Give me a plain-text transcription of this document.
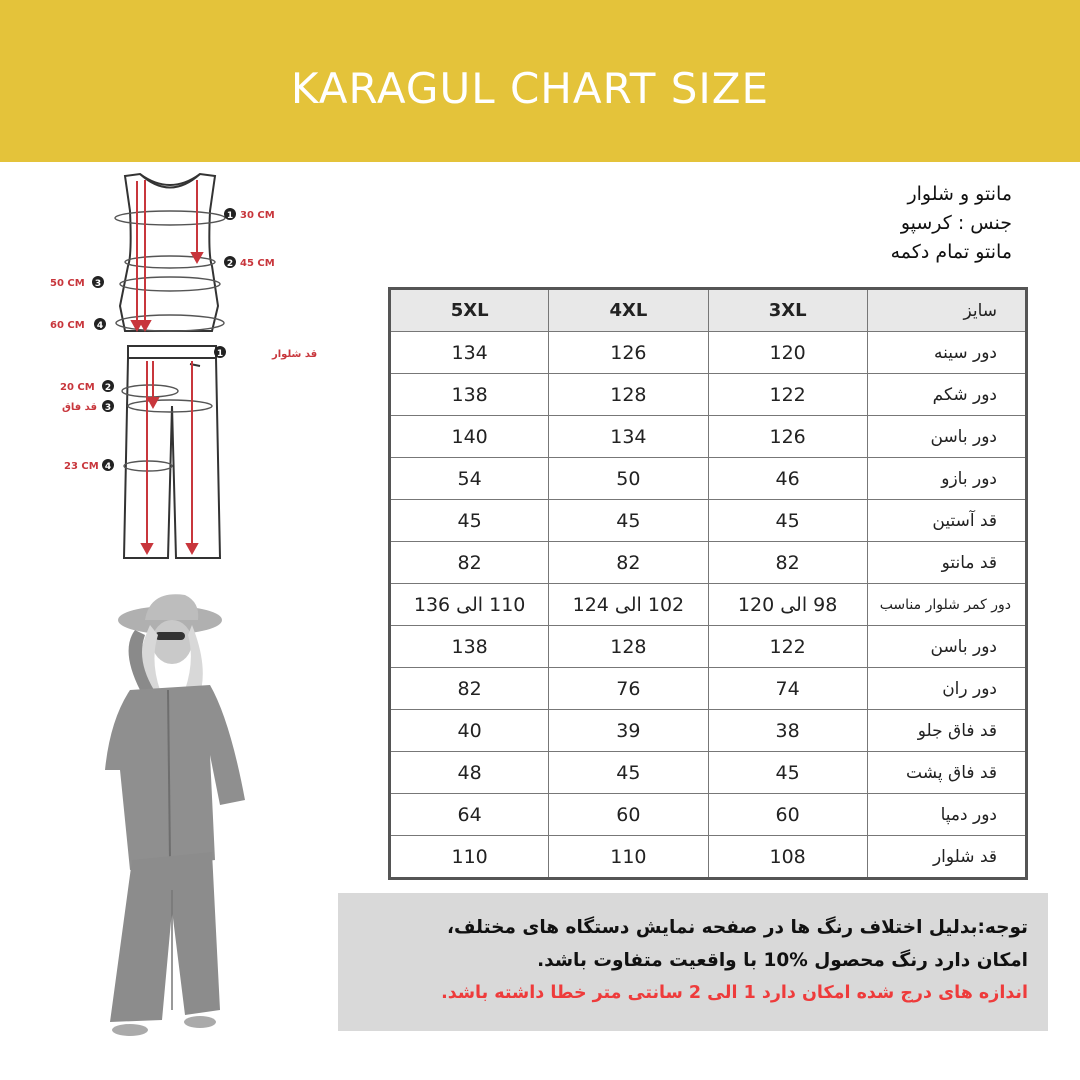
KARAGUL CHART SIZE
مانتو و شلوار
جنس : کرسپو
مانتو تمام دکمه
1 30 CM
2 45 CM
50 CM 3
60 CM 4
1	قد شلوار
20 CM 2
3
قد فاق
23 CM 4
5XL	4XL	3XL	سایز
134	126	120	دور سینه
138	128	122	دور شکم
140	134	126	دور باسن
54	50	46	دور بازو
45	45	45	قد آستین
82	82	82	قد مانتو
110 الی 136	102 الی 124	98 الی 120	دور کمر شلوار مناسب
138	128	122	دور باسن
82	76	74	دور ران
40	39	38	قد فاق جلو
48	45	45	قد فاق پشت
64	60	60	دور دمپا
110	110	108	قد شلوار
توجه:بدلیل اختلاف رنگ ها در صفحه نمایش دستگاه های مختلف،
امکان دارد رنگ محصول %10 با واقعیت متفاوت باشد.
اندازه های درج شده امکان دارد 1 الی 2 سانتی متر خطا داشته باشد.
